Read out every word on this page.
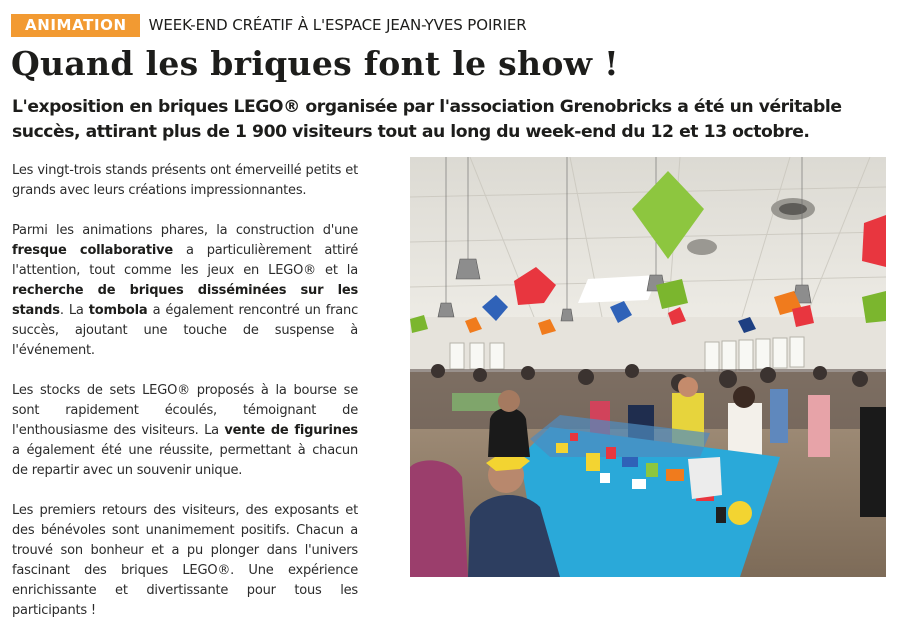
ANIMATION	WEEK-END CRÉATIF À L'ESPACE JEAN-YVES POIRIER
Quand les briques font le show !

L'exposition en briques LEGO® organisée par l'association Grenobricks a été un véritable succès, attirant plus de 1 900 visiteurs tout au long du week-end du 12 et 13 octobre.

Les vingt-trois stands présents ont émerveillé petits et grands avec leurs créations impressionnantes.

Parmi les animations phares, la construction d'une fresque collaborative a particulièrement attiré l'attention, tout comme les jeux en LEGO® et la recherche de briques disséminées sur les stands. La tombola a également rencontré un franc succès, ajoutant une touche de suspense à l'événement.

Les stocks de sets LEGO® proposés à la bourse se sont rapidement écoulés, témoignant de l'enthousiasme des visiteurs. La vente de figurines a également été une réussite, permettant à chacun de repartir avec un souvenir unique.

Les premiers retours des visiteurs, des exposants et des bénévoles sont unanimement positifs. Chacun a trouvé son bonheur et a pu plonger dans l'univers fascinant des briques LEGO®. Une expérience enrichissante et divertissante pour tous les participants !
